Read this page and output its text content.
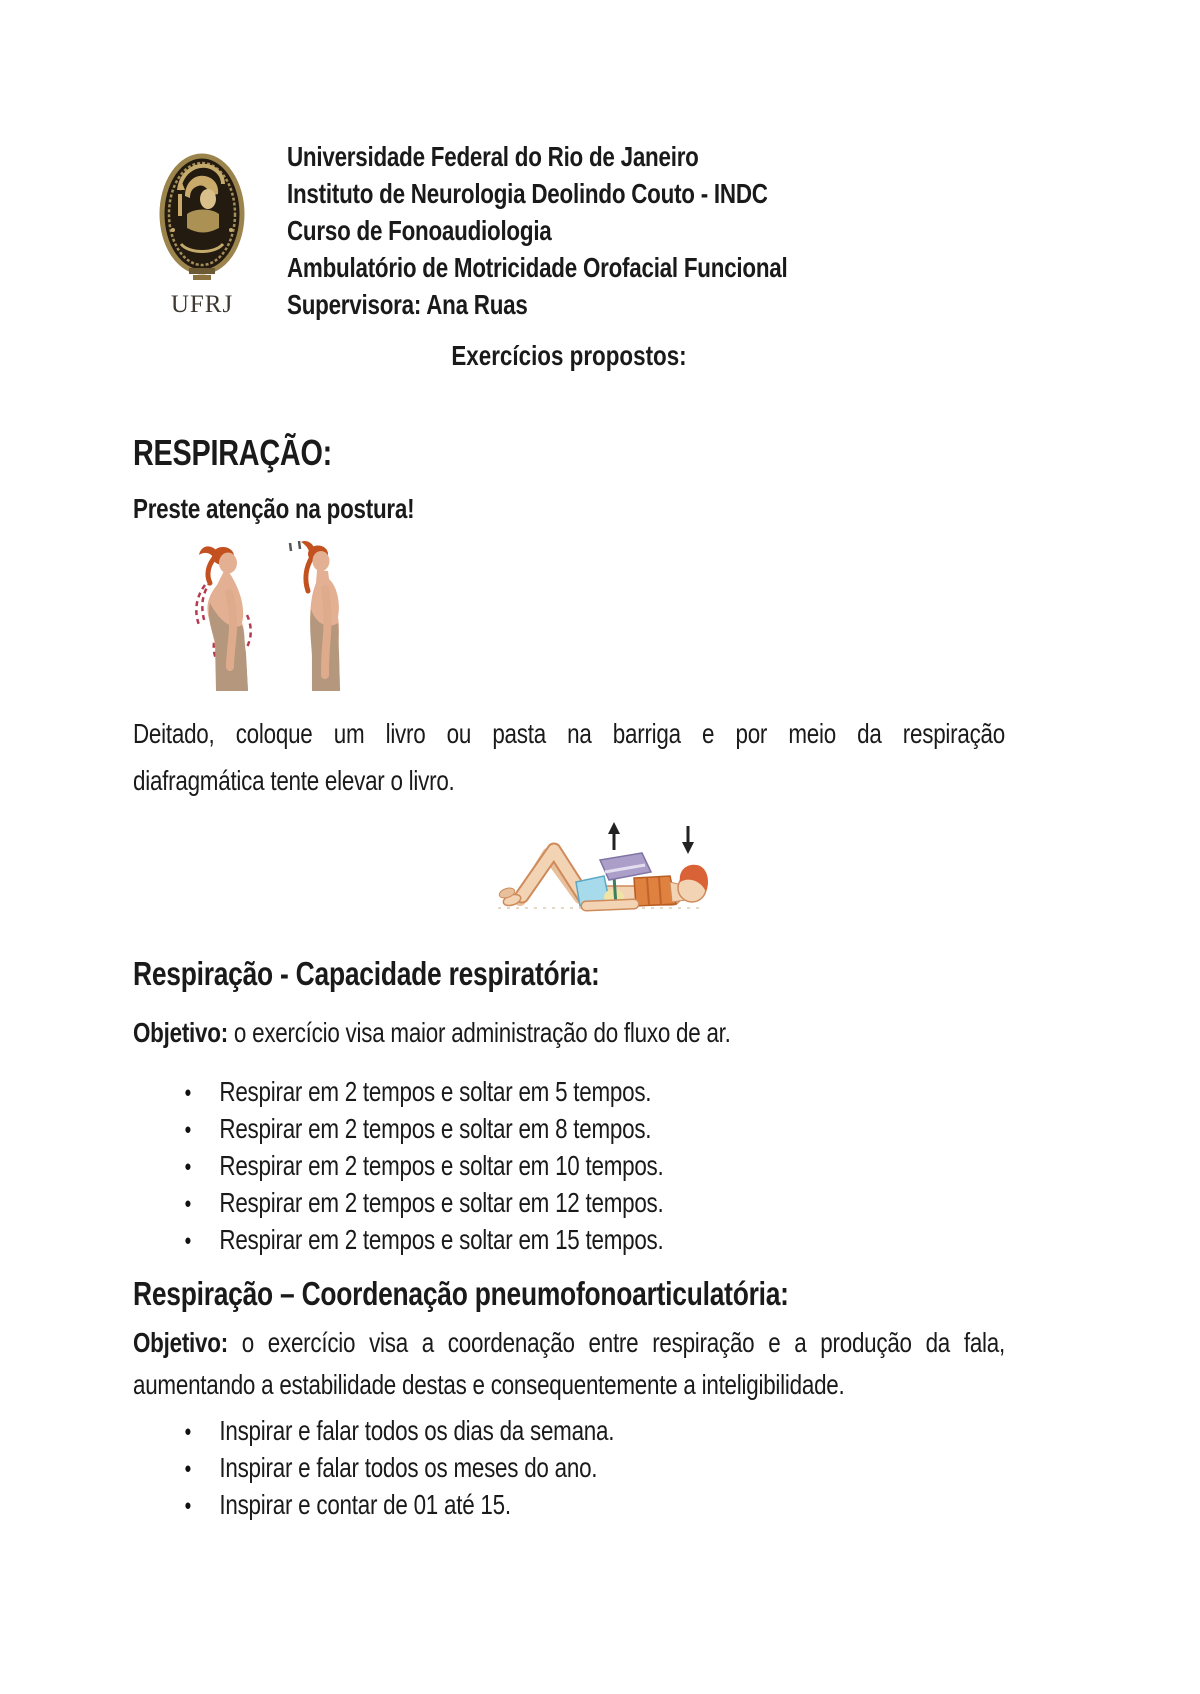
UFRJ
Universidade Federal do Rio de Janeiro
Instituto de Neurologia Deolindo Couto - INDC
Curso de Fonoaudiologia
Ambulatório de Motricidade Orofacial Funcional
Supervisora: Ana Ruas
Exercícios propostos:
RESPIRAÇÃO:
Preste atenção na postura!
Deitado, coloque um livro ou pasta na barriga e por meio da respiração
diafragmática tente elevar o livro.
Respiração - Capacidade respiratória:
Objetivo: o exercício visa maior administração do fluxo de ar.
● Respirar em 2 tempos e soltar em 5 tempos.
● Respirar em 2 tempos e soltar em 8 tempos.
● Respirar em 2 tempos e soltar em 10 tempos.
● Respirar em 2 tempos e soltar em 12 tempos.
● Respirar em 2 tempos e soltar em 15 tempos.
Respiração – Coordenação pneumofonoarticulatória:
Objetivo: o exercício visa a coordenação entre respiração e a produção da fala,
aumentando a estabilidade destas e consequentemente a inteligibilidade.
● Inspirar e falar todos os dias da semana.
● Inspirar e falar todos os meses do ano.
● Inspirar e contar de 01 até 15.
